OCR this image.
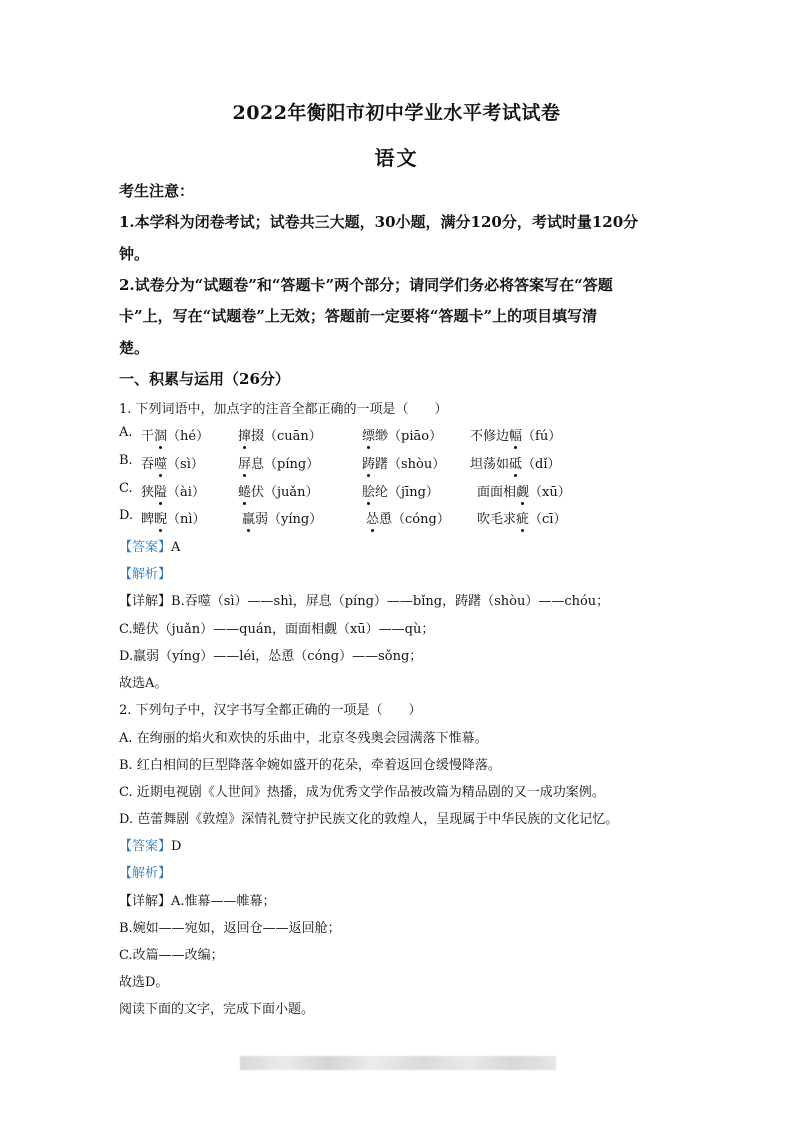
2022年衡阳市初中学业水平考试试卷
语文
考生注意：
1.本学科为闭卷考试；试卷共三大题，30小题，满分120分，考试时量120分
钟。
2.试卷分为“试题卷”和“答题卡”两个部分；请同学们务必将答案写在“答题
卡”上，写在“试题卷”上无效；答题前一定要将“答题卡”上的项目填写清
楚。
一、积累与运用（26分）
1. 下列词语中，加点字的注音全都正确的一项是（　　）
A. 干涸（hé） 撺掇（cuān）	缥缈（piāo） 不修边幅（fú）
B. 吞噬（sì）	屏息（píng）	踌躇（shòu） 坦荡如砥（dǐ）
C. 狭隘（ài）	蜷伏（juǎn）	脍纶（jīng）	面面相觑（xū）
D. 睥睨（nì）	羸弱（yíng）	怂恿（cóng） 吹毛求疵（cī）
【答案】A
【解析】
【详解】B.吞噬（sì）——shì，屏息（píng）——bǐng，踌躇（shòu）——chóu；
C.蜷伏（juǎn）——quán，面面相觑（xū）——qù；
D.羸弱（yíng）——léi，怂恿（cóng）——sǒng；
故选A。
2. 下列句子中，汉字书写全都正确的一项是（　　）
A. 在绚丽的焰火和欢快的乐曲中，北京冬残奥会园满落下惟幕。
B. 红白相间的巨型降落伞婉如盛开的花朵，牵着返回仓缓慢降落。
C. 近期电视剧《人世间》热播，成为优秀文学作品被改篇为精品剧的又一成功案例。
D. 芭蕾舞剧《敦煌》深情礼赞守护民族文化的敦煌人，呈现属于中华民族的文化记忆。
【答案】D
【解析】
【详解】A.惟幕——帷幕；
B.婉如——宛如，返回仓——返回舱；
C.改篇——改编；
故选D。
阅读下面的文字，完成下面小题。
